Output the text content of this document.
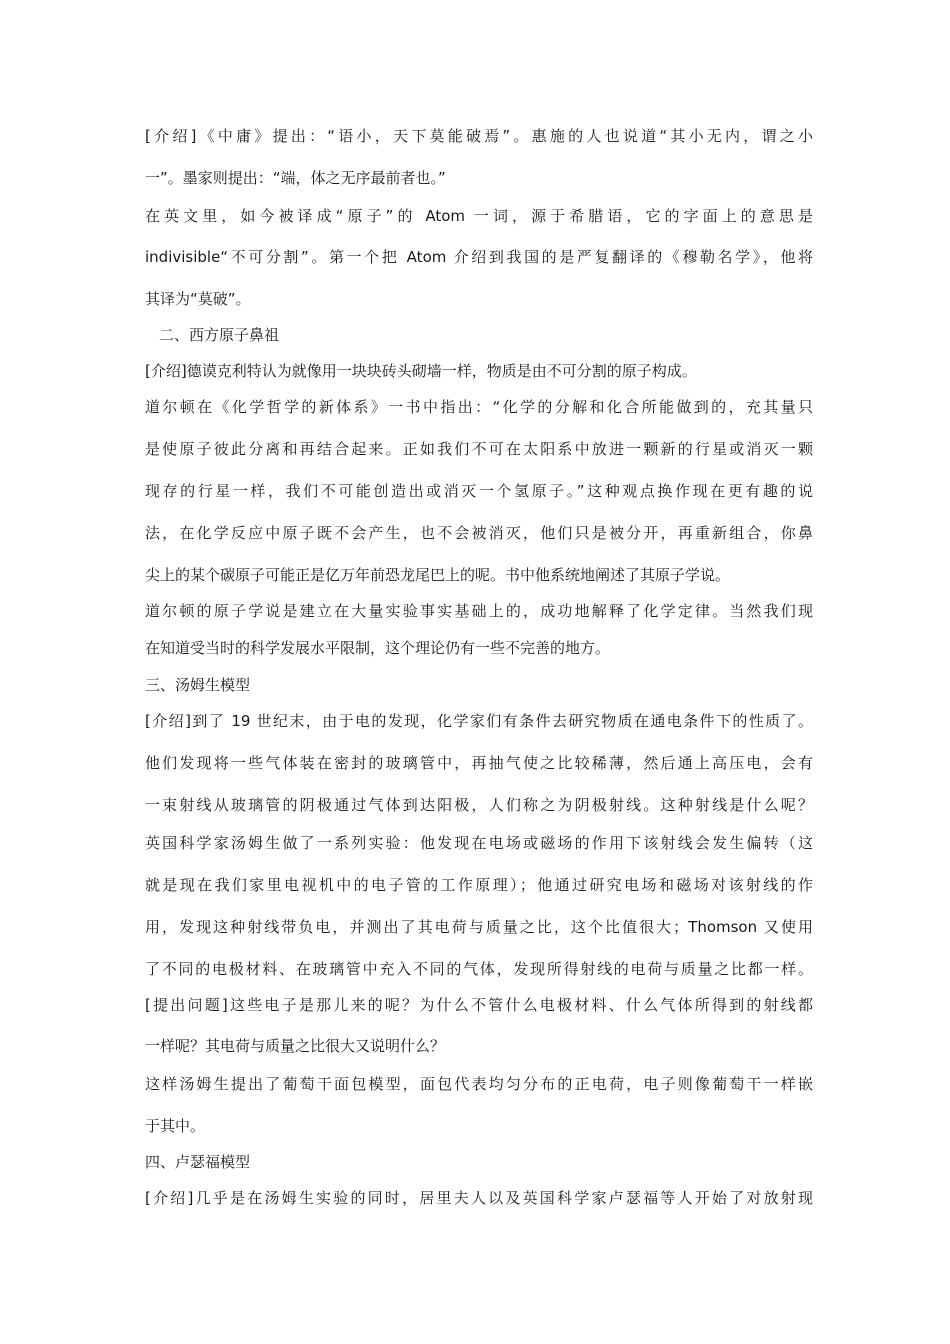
[介绍]《中庸》提出：“语小，天下莫能破焉”。惠施的人也说道“其小无内，谓之小

一”。墨家则提出：“端，体之无序最前者也。”

在英文里，如今被译成“原子”的 Atom 一词，源于希腊语，它的字面上的意思是

indivisible“不可分割”。第一个把 Atom 介绍到我国的是严复翻译的《穆勒名学》，他将

其译为“莫破”。

二、西方原子鼻祖

[介绍]德谟克利特认为就像用一块块砖头砌墙一样，物质是由不可分割的原子构成。

道尔顿在《化学哲学的新体系》一书中指出：“化学的分解和化合所能做到的，充其量只

是使原子彼此分离和再结合起来。正如我们不可在太阳系中放进一颗新的行星或消灭一颗

现存的行星一样，我们不可能创造出或消灭一个氢原子。”这种观点换作现在更有趣的说

法，在化学反应中原子既不会产生，也不会被消灭，他们只是被分开，再重新组合，你鼻

尖上的某个碳原子可能正是亿万年前恐龙尾巴上的呢。书中他系统地阐述了其原子学说。

道尔顿的原子学说是建立在大量实验事实基础上的，成功地解释了化学定律。当然我们现

在知道受当时的科学发展水平限制，这个理论仍有一些不完善的地方。

三、汤姆生模型

[介绍]到了 19 世纪末，由于电的发现，化学家们有条件去研究物质在通电条件下的性质了。

他们发现将一些气体装在密封的玻璃管中，再抽气使之比较稀薄，然后通上高压电，会有

一束射线从玻璃管的阴极通过气体到达阳极，人们称之为阴极射线。这种射线是什么呢？

英国科学家汤姆生做了一系列实验：他发现在电场或磁场的作用下该射线会发生偏转（这

就是现在我们家里电视机中的电子管的工作原理）；他通过研究电场和磁场对该射线的作

用，发现这种射线带负电，并测出了其电荷与质量之比，这个比值很大；Thomson 又使用

了不同的电极材料、在玻璃管中充入不同的气体，发现所得射线的电荷与质量之比都一样。

[提出问题]这些电子是那儿来的呢？为什么不管什么电极材料、什么气体所得到的射线都

一样呢？其电荷与质量之比很大又说明什么？

这样汤姆生提出了葡萄干面包模型，面包代表均匀分布的正电荷，电子则像葡萄干一样嵌

于其中。

四、卢瑟福模型

[介绍]几乎是在汤姆生实验的同时，居里夫人以及英国科学家卢瑟福等人开始了对放射现
